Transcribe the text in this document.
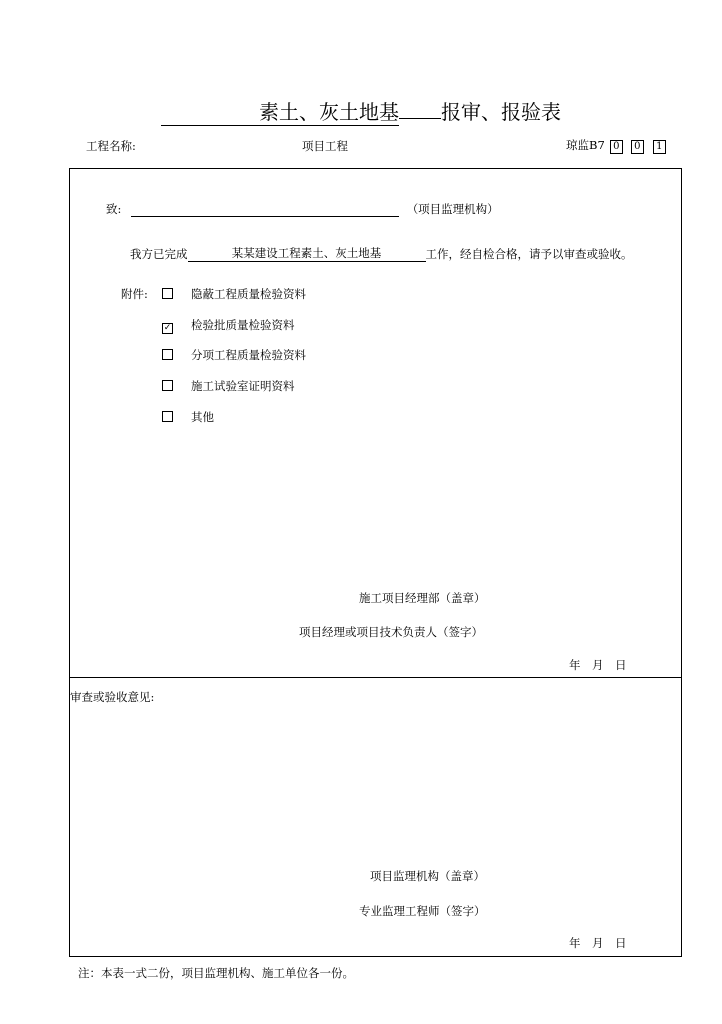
素土、灰土地基 报审、报验表
工程名称:	项目工程	琼监B7 0 0 1
致:	（项目监理机构）
我方已完成	某某建设工程素土、灰土地基	工作，经自检合格，请予以审查或验收。
附件:	隐蔽工程质量检验资料
✓ 检验批质量检验资料
分项工程质量检验资料
施工试验室证明资料
其他
施工项目经理部（盖章）
项目经理或项目技术负责人（签字）
年　月　日
审查或验收意见:
项目监理机构（盖章）
专业监理工程师（签字）
年　月　日
注：本表一式二份，项目监理机构、施工单位各一份。
